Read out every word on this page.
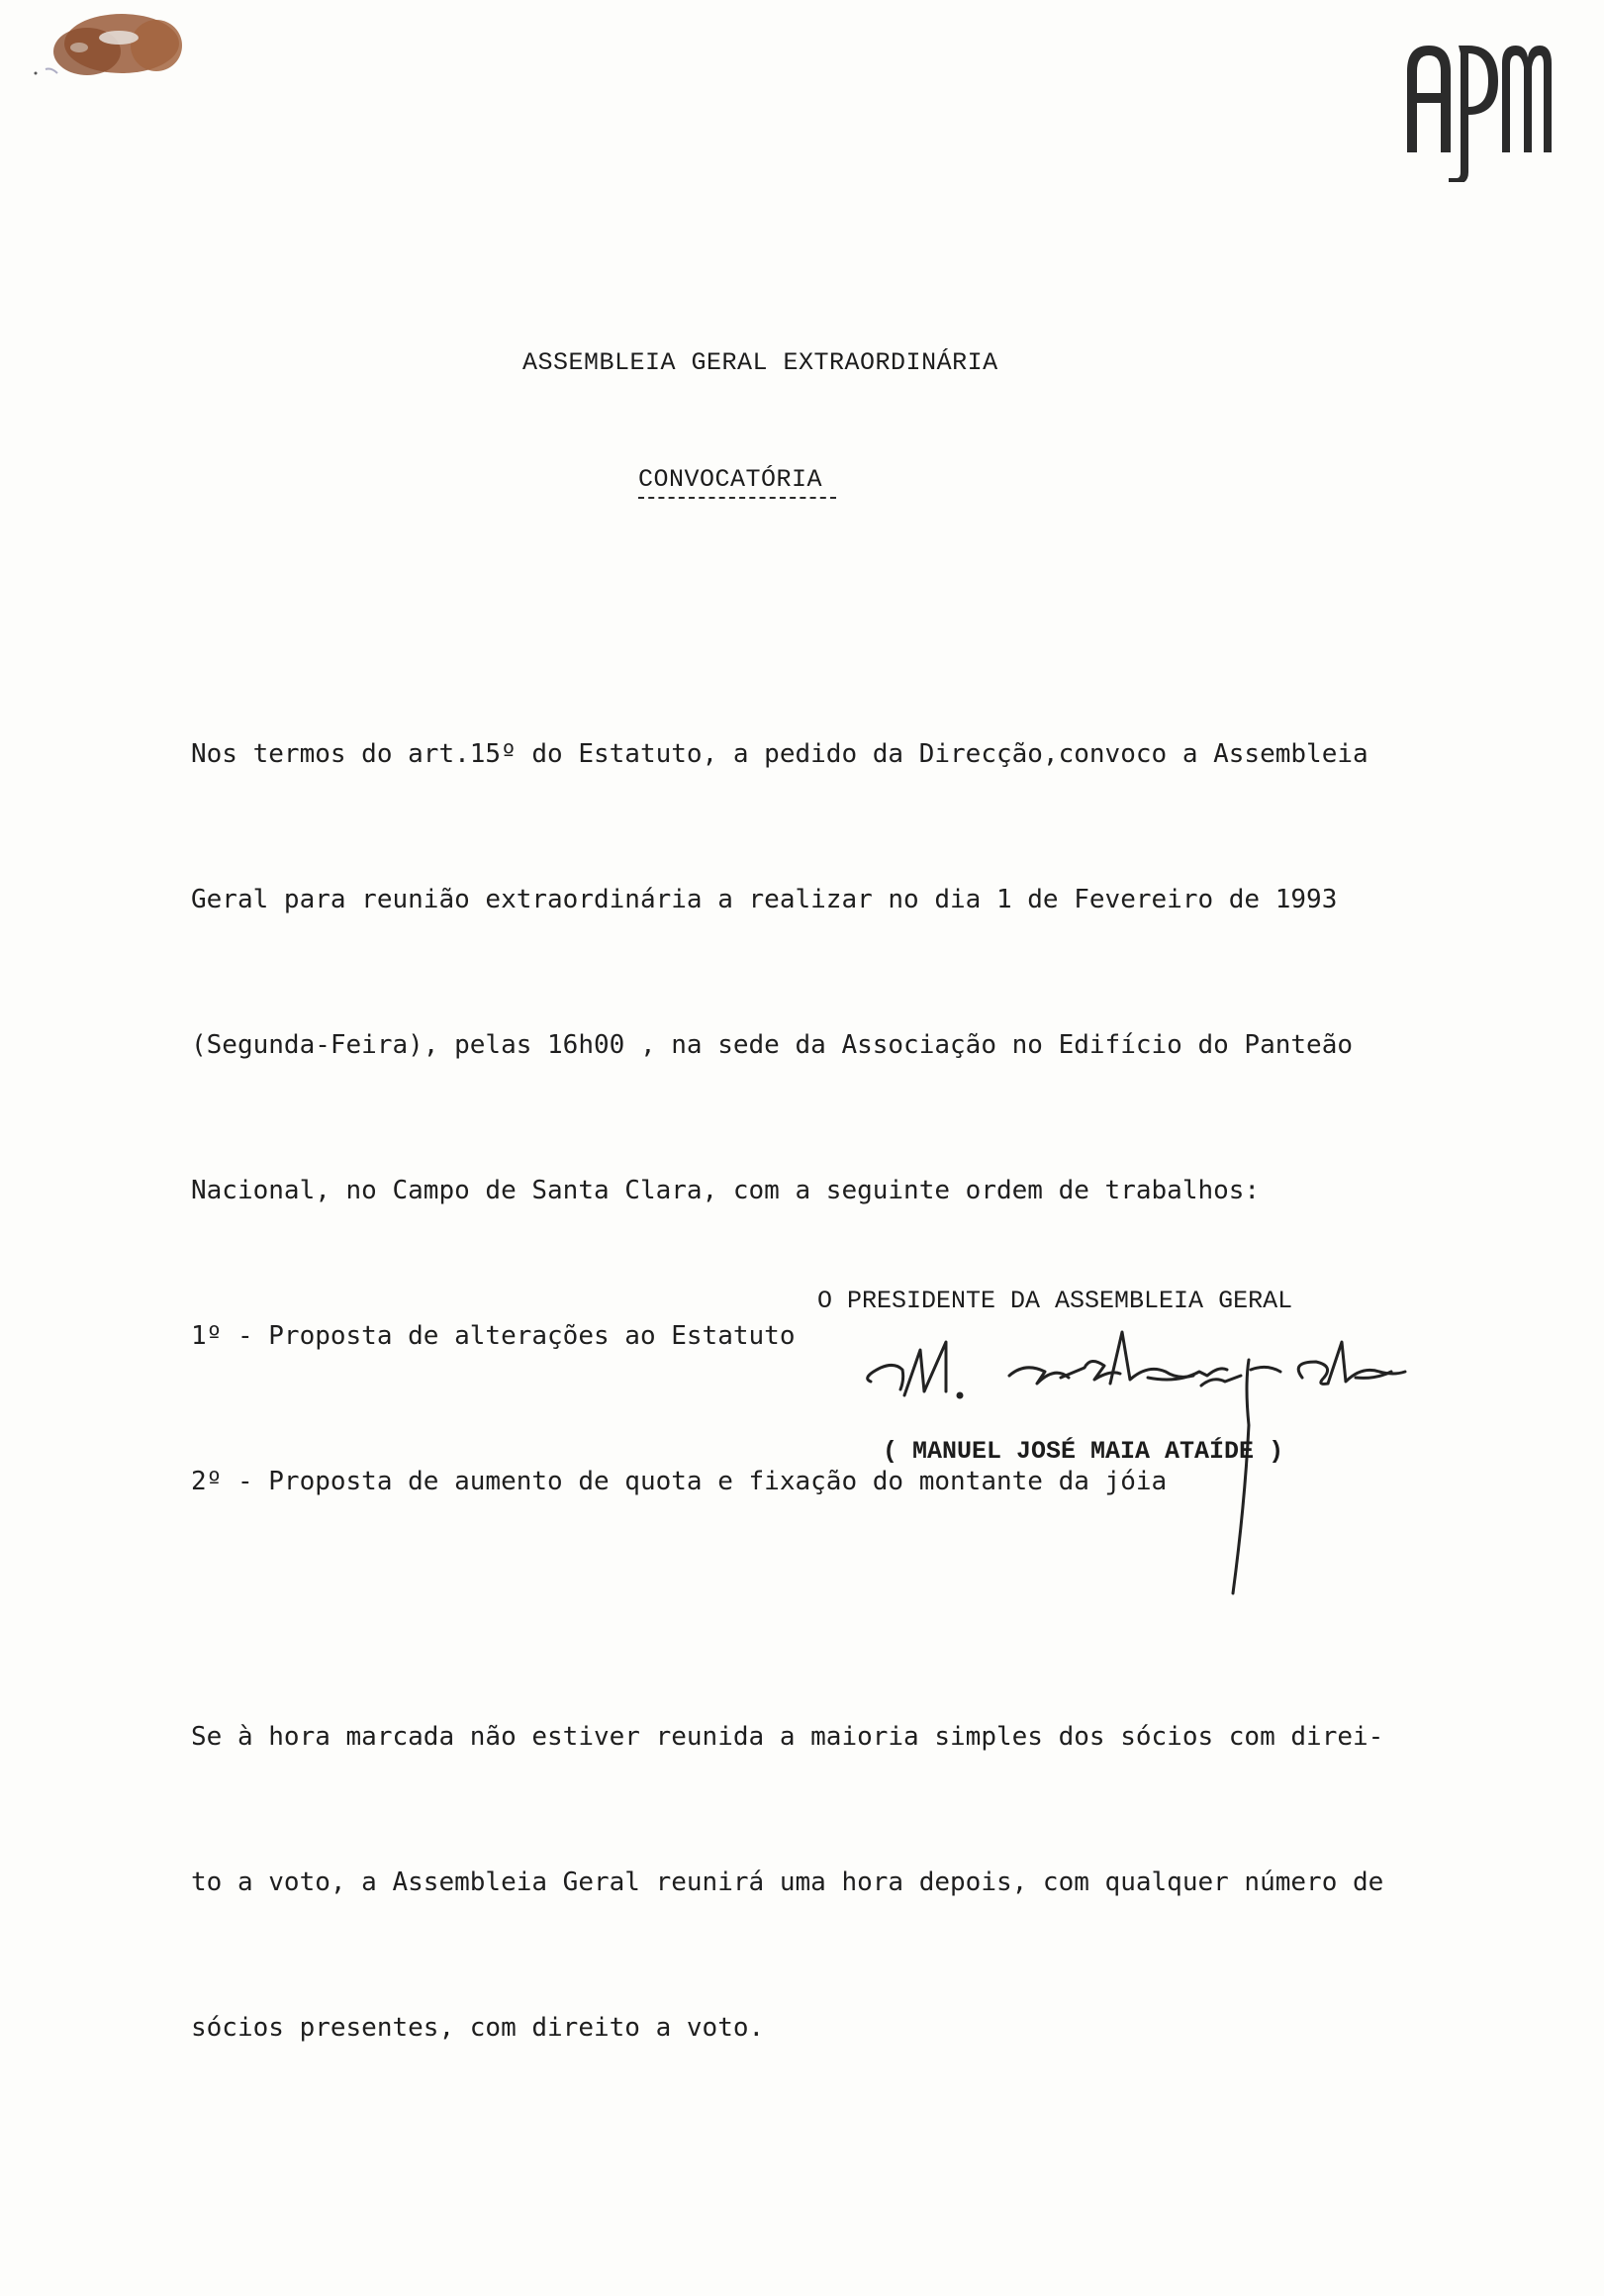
ASSEMBLEIA GERAL EXTRAORDINÁRIA
CONVOCATÓRIA

Nos termos do art.15º do Estatuto, a pedido da Direcção,convoco a Assembleia

Geral para reunião extraordinária a realizar no dia 1 de Fevereiro de 1993

(Segunda-Feira), pelas 16h00 , na sede da Associação no Edifício do Panteão

Nacional, no Campo de Santa Clara, com a seguinte ordem de trabalhos:

1º - Proposta de alterações ao Estatuto

2º - Proposta de aumento de quota e fixação do montante da jóia

Se à hora marcada não estiver reunida a maioria simples dos sócios com direi-

to a voto, a Assembleia Geral reunirá uma hora depois, com qualquer número de

sócios presentes, com direito a voto.

O PRESIDENTE DA ASSEMBLEIA GERAL
( MANUEL JOSÉ MAIA ATAÍDE )
